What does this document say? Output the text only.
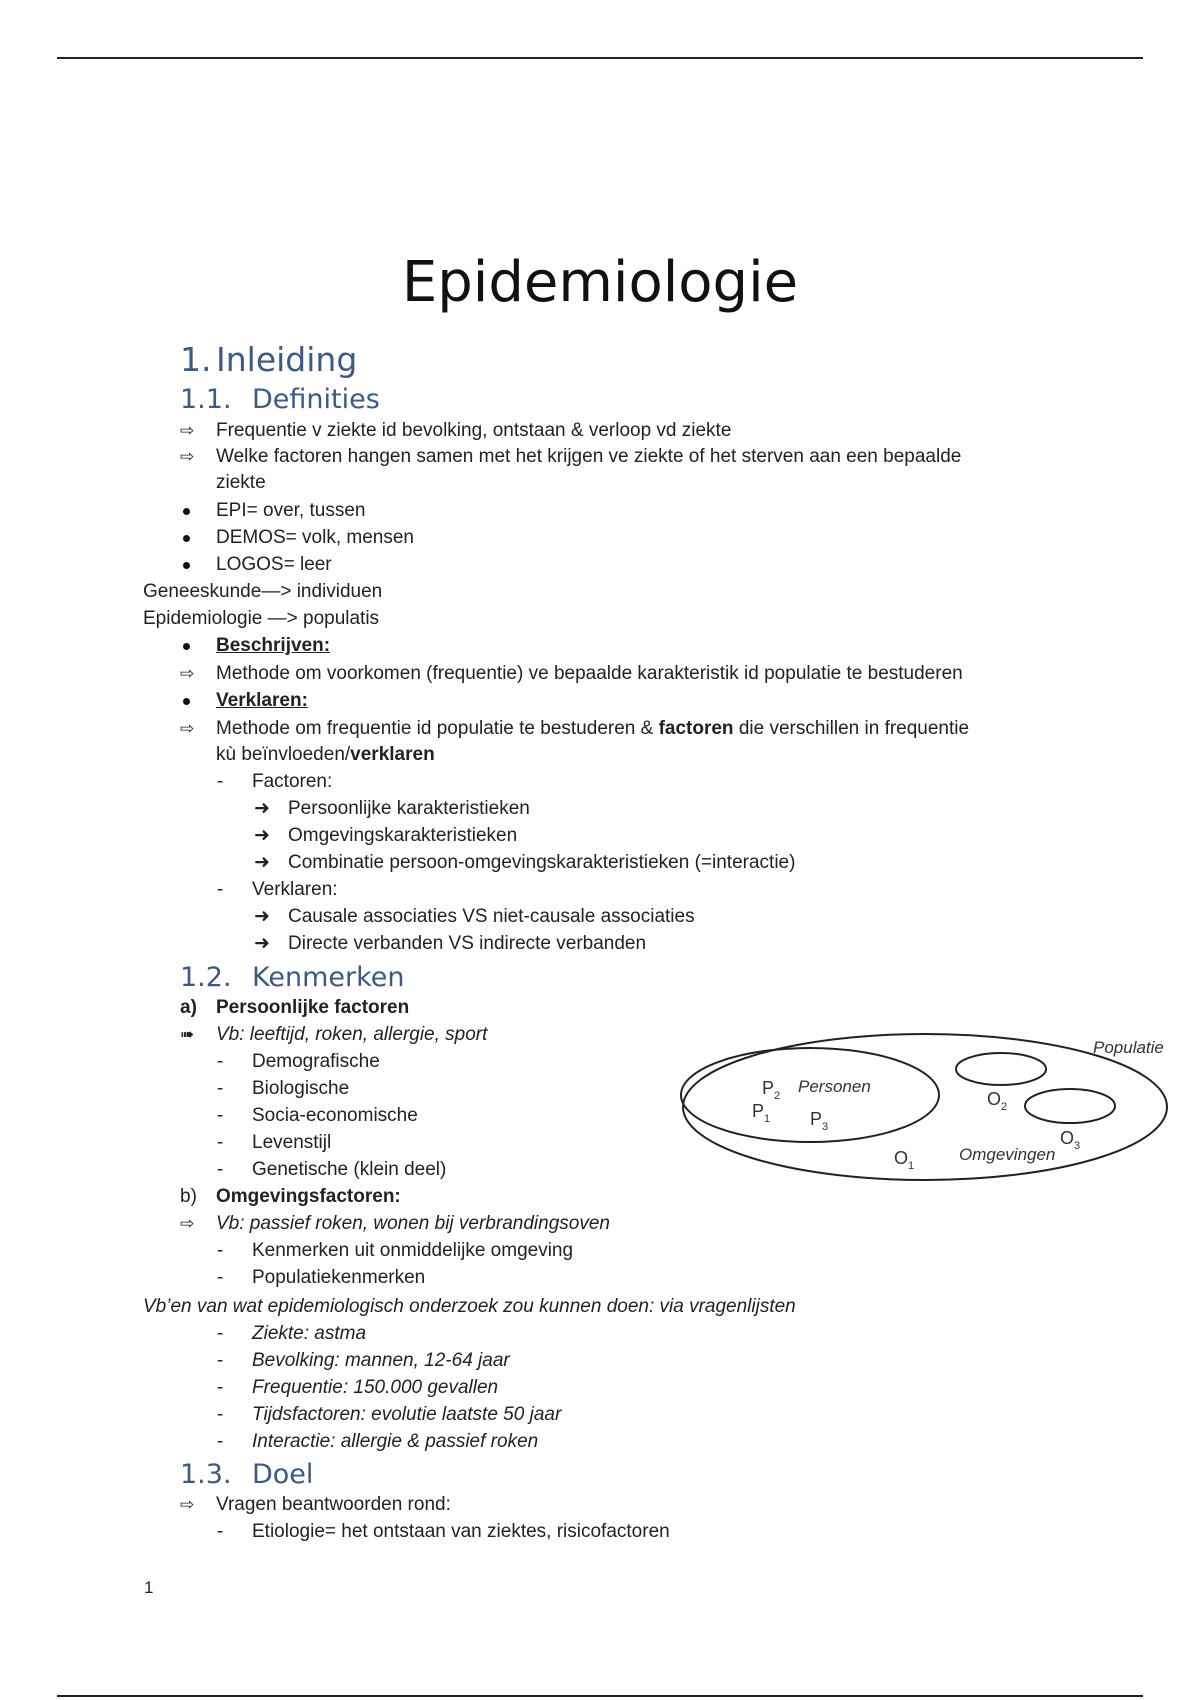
Epidemiologie
1. Inleiding
1.1. Definities
⇨ Frequentie v ziekte id bevolking, ontstaan & verloop vd ziekte
⇨ Welke factoren hangen samen met het krijgen ve ziekte of het sterven aan een bepaalde
ziekte
EPI= over, tussen
DEMOS= volk, mensen
LOGOS= leer
Geneeskunde—> individuen
Epidemiologie —> populatis
Beschrijven:
⇨ Methode om voorkomen (frequentie) ve bepaalde karakteristik id populatie te bestuderen
Verklaren:
⇨ Methode om frequentie id populatie te bestuderen & factoren die verschillen in frequentie
kù beïnvloeden/verklaren
- Factoren:
➜ Persoonlijke karakteristieken
➜ Omgevingskarakteristieken
➜ Combinatie persoon-omgevingskarakteristieken (=interactie)
- Verklaren:
➜ Causale associaties VS niet-causale associaties
➜ Directe verbanden VS indirecte verbanden
1.2. Kenmerken
a) Persoonlijke factoren
➠ Vb: leeftijd, roken, allergie, sport
- Demografische
- Biologische
- Socia-economische
- Levenstijl
- Genetische (klein deel)
b) Omgevingsfactoren:
⇨ Vb: passief roken, wonen bij verbrandingsoven
- Kenmerken uit onmiddelijke omgeving
- Populatiekenmerken
Vb’en van wat epidemiologisch onderzoek zou kunnen doen: via vragenlijsten
- Ziekte: astma
- Bevolking: mannen, 12-64 jaar
- Frequentie: 150.000 gevallen
- Tijdsfactoren: evolutie laatste 50 jaar
- Interactie: allergie & passief roken
Populatie
Personen
Omgevingen
$P_2$
$P_1$ $P_3$
$O_2$
$O_3$
$O_1$
1.3. Doel
⇨ Vragen beantwoorden rond:
- Etiologie= het ontstaan van ziektes, risicofactoren
1
